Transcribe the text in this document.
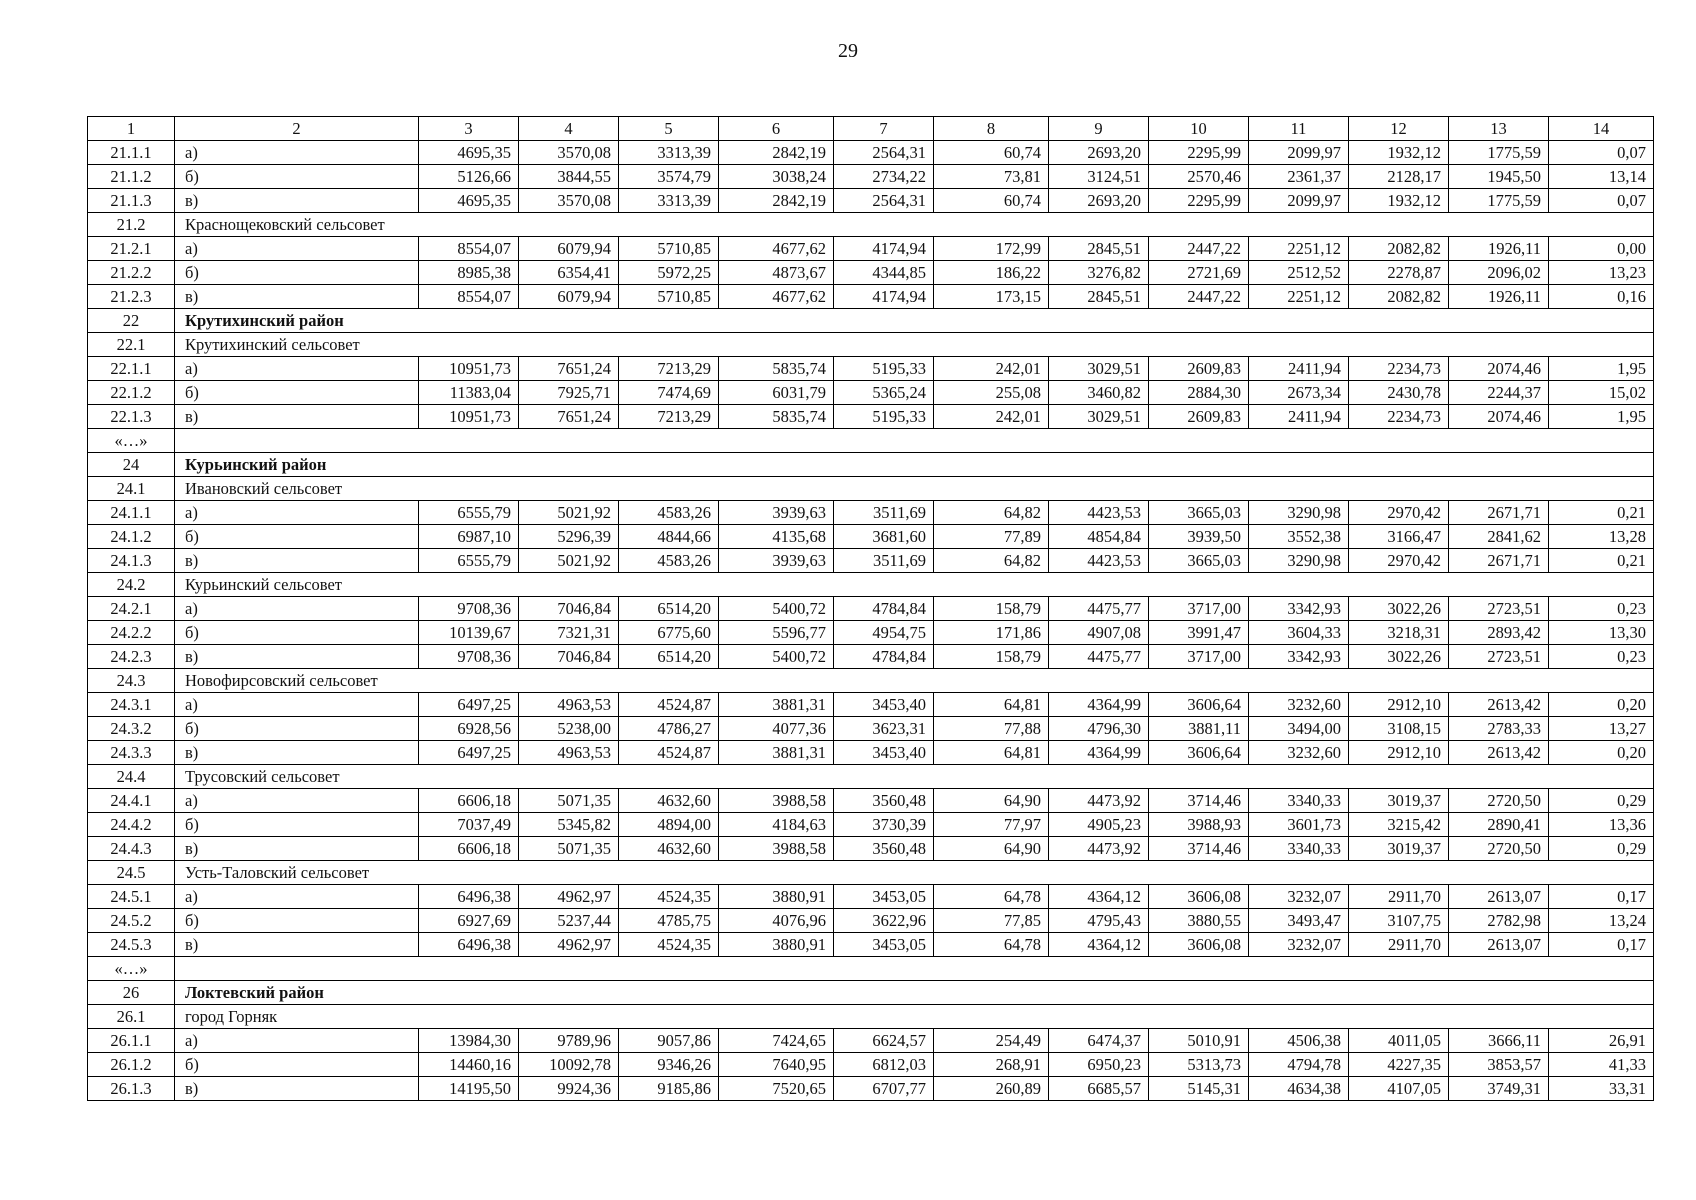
29
1	2	3	4	5	6	7	8	9	10	11	12	13	14
21.1.1	а)	4695,35	3570,08	3313,39	2842,19	2564,31	60,74	2693,20	2295,99	2099,97	1932,12	1775,59	0,07
21.1.2	б)	5126,66	3844,55	3574,79	3038,24	2734,22	73,81	3124,51	2570,46	2361,37	2128,17	1945,50	13,14
21.1.3	в)	4695,35	3570,08	3313,39	2842,19	2564,31	60,74	2693,20	2295,99	2099,97	1932,12	1775,59	0,07
21.2	Краснощековский сельсовет												
21.2.1	а)	8554,07	6079,94	5710,85	4677,62	4174,94	172,99	2845,51	2447,22	2251,12	2082,82	1926,11	0,00
21.2.2	б)	8985,38	6354,41	5972,25	4873,67	4344,85	186,22	3276,82	2721,69	2512,52	2278,87	2096,02	13,23
21.2.3	в)	8554,07	6079,94	5710,85	4677,62	4174,94	173,15	2845,51	2447,22	2251,12	2082,82	1926,11	0,16
22	Крутихинский район												
22.1	Крутихинский сельсовет												
22.1.1	а)	10951,73	7651,24	7213,29	5835,74	5195,33	242,01	3029,51	2609,83	2411,94	2234,73	2074,46	1,95
22.1.2	б)	11383,04	7925,71	7474,69	6031,79	5365,24	255,08	3460,82	2884,30	2673,34	2430,78	2244,37	15,02
22.1.3	в)	10951,73	7651,24	7213,29	5835,74	5195,33	242,01	3029,51	2609,83	2411,94	2234,73	2074,46	1,95
«…»													
24	Курьинский район												
24.1	Ивановский сельсовет												
24.1.1	а)	6555,79	5021,92	4583,26	3939,63	3511,69	64,82	4423,53	3665,03	3290,98	2970,42	2671,71	0,21
24.1.2	б)	6987,10	5296,39	4844,66	4135,68	3681,60	77,89	4854,84	3939,50	3552,38	3166,47	2841,62	13,28
24.1.3	в)	6555,79	5021,92	4583,26	3939,63	3511,69	64,82	4423,53	3665,03	3290,98	2970,42	2671,71	0,21
24.2	Курьинский сельсовет												
24.2.1	а)	9708,36	7046,84	6514,20	5400,72	4784,84	158,79	4475,77	3717,00	3342,93	3022,26	2723,51	0,23
24.2.2	б)	10139,67	7321,31	6775,60	5596,77	4954,75	171,86	4907,08	3991,47	3604,33	3218,31	2893,42	13,30
24.2.3	в)	9708,36	7046,84	6514,20	5400,72	4784,84	158,79	4475,77	3717,00	3342,93	3022,26	2723,51	0,23
24.3	Новофирсовский сельсовет												
24.3.1	а)	6497,25	4963,53	4524,87	3881,31	3453,40	64,81	4364,99	3606,64	3232,60	2912,10	2613,42	0,20
24.3.2	б)	6928,56	5238,00	4786,27	4077,36	3623,31	77,88	4796,30	3881,11	3494,00	3108,15	2783,33	13,27
24.3.3	в)	6497,25	4963,53	4524,87	3881,31	3453,40	64,81	4364,99	3606,64	3232,60	2912,10	2613,42	0,20
24.4	Трусовский сельсовет												
24.4.1	а)	6606,18	5071,35	4632,60	3988,58	3560,48	64,90	4473,92	3714,46	3340,33	3019,37	2720,50	0,29
24.4.2	б)	7037,49	5345,82	4894,00	4184,63	3730,39	77,97	4905,23	3988,93	3601,73	3215,42	2890,41	13,36
24.4.3	в)	6606,18	5071,35	4632,60	3988,58	3560,48	64,90	4473,92	3714,46	3340,33	3019,37	2720,50	0,29
24.5	Усть-Таловский сельсовет												
24.5.1	а)	6496,38	4962,97	4524,35	3880,91	3453,05	64,78	4364,12	3606,08	3232,07	2911,70	2613,07	0,17
24.5.2	б)	6927,69	5237,44	4785,75	4076,96	3622,96	77,85	4795,43	3880,55	3493,47	3107,75	2782,98	13,24
24.5.3	в)	6496,38	4962,97	4524,35	3880,91	3453,05	64,78	4364,12	3606,08	3232,07	2911,70	2613,07	0,17
«…»													
26	Локтевский район												
26.1	город Горняк												
26.1.1	а)	13984,30	9789,96	9057,86	7424,65	6624,57	254,49	6474,37	5010,91	4506,38	4011,05	3666,11	26,91
26.1.2	б)	14460,16	10092,78	9346,26	7640,95	6812,03	268,91	6950,23	5313,73	4794,78	4227,35	3853,57	41,33
26.1.3	в)	14195,50	9924,36	9185,86	7520,65	6707,77	260,89	6685,57	5145,31	4634,38	4107,05	3749,31	33,31
